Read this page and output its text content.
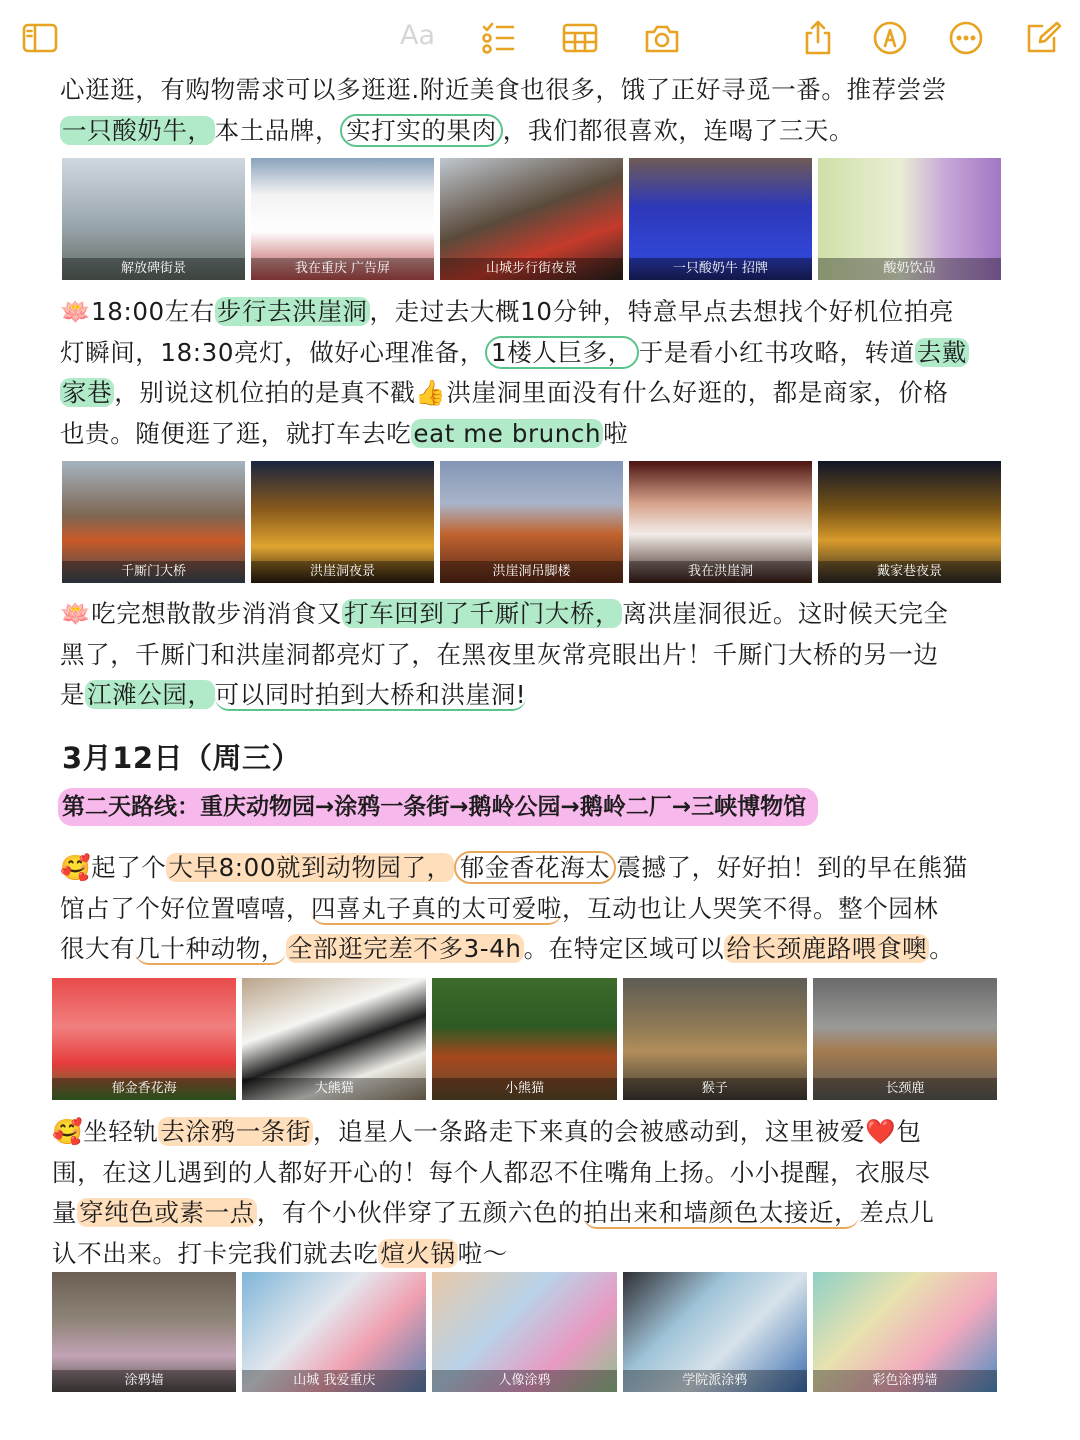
Aa
心逛逛，有购物需求可以多逛逛.附近美食也很多，饿了正好寻觅一番。推荐尝尝
一只酸奶牛，本土品牌， 实打实的果肉 ，我们都很喜欢，连喝了三天。
解放碑街景	我在重庆 广告屏	山城步行街夜景	一只酸奶牛 招牌	酸奶饮品
🪷18:00左右步行去洪崖洞，走过去大概10分钟，特意早点去想找个好机位拍亮
灯瞬间，18:30亮灯，做好心理准备， 1楼人巨多， 于是看小红书攻略，转道去戴
家巷，别说这机位拍的是真不戳👍洪崖洞里面没有什么好逛的，都是商家，价格
也贵。随便逛了逛，就打车去吃eat me brunch啦
千厮门大桥	洪崖洞夜景	洪崖洞吊脚楼	我在洪崖洞	戴家巷夜景
🪷吃完想散散步消消食又打车回到了千厮门大桥，离洪崖洞很近。这时候天完全
黑了，千厮门和洪崖洞都亮灯了，在黑夜里灰常亮眼出片！千厮门大桥的另一边
是江滩公园，可以同时拍到大桥和洪崖洞!
3月12日（周三）
第二天路线：重庆动物园→涂鸦一条街→鹅岭公园→鹅岭二厂→三峡博物馆
🥰起了个大早8:00就到动物园了， 郁金香花海太 震撼了，好好拍！到的早在熊猫
馆占了个好位置嘻嘻，四喜丸子真的太可爱啦，互动也让人哭笑不得。整个园林
很大有几十种动物，全部逛完差不多3-4h。在特定区域可以给长颈鹿路喂食噢。
郁金香花海	大熊猫	小熊猫	猴子	长颈鹿
🥰坐轻轨去涂鸦一条街，追星人一条路走下来真的会被感动到，这里被爱❤️包
围，在这儿遇到的人都好开心的！每个人都忍不住嘴角上扬。小小提醒，衣服尽
量穿纯色或素一点，有个小伙伴穿了五颜六色的拍出来和墙颜色太接近，差点儿
认不出来。打卡完我们就去吃煊火锅啦～
涂鸦墙	山城 我爱重庆	人像涂鸦	学院派涂鸦	彩色涂鸦墙
